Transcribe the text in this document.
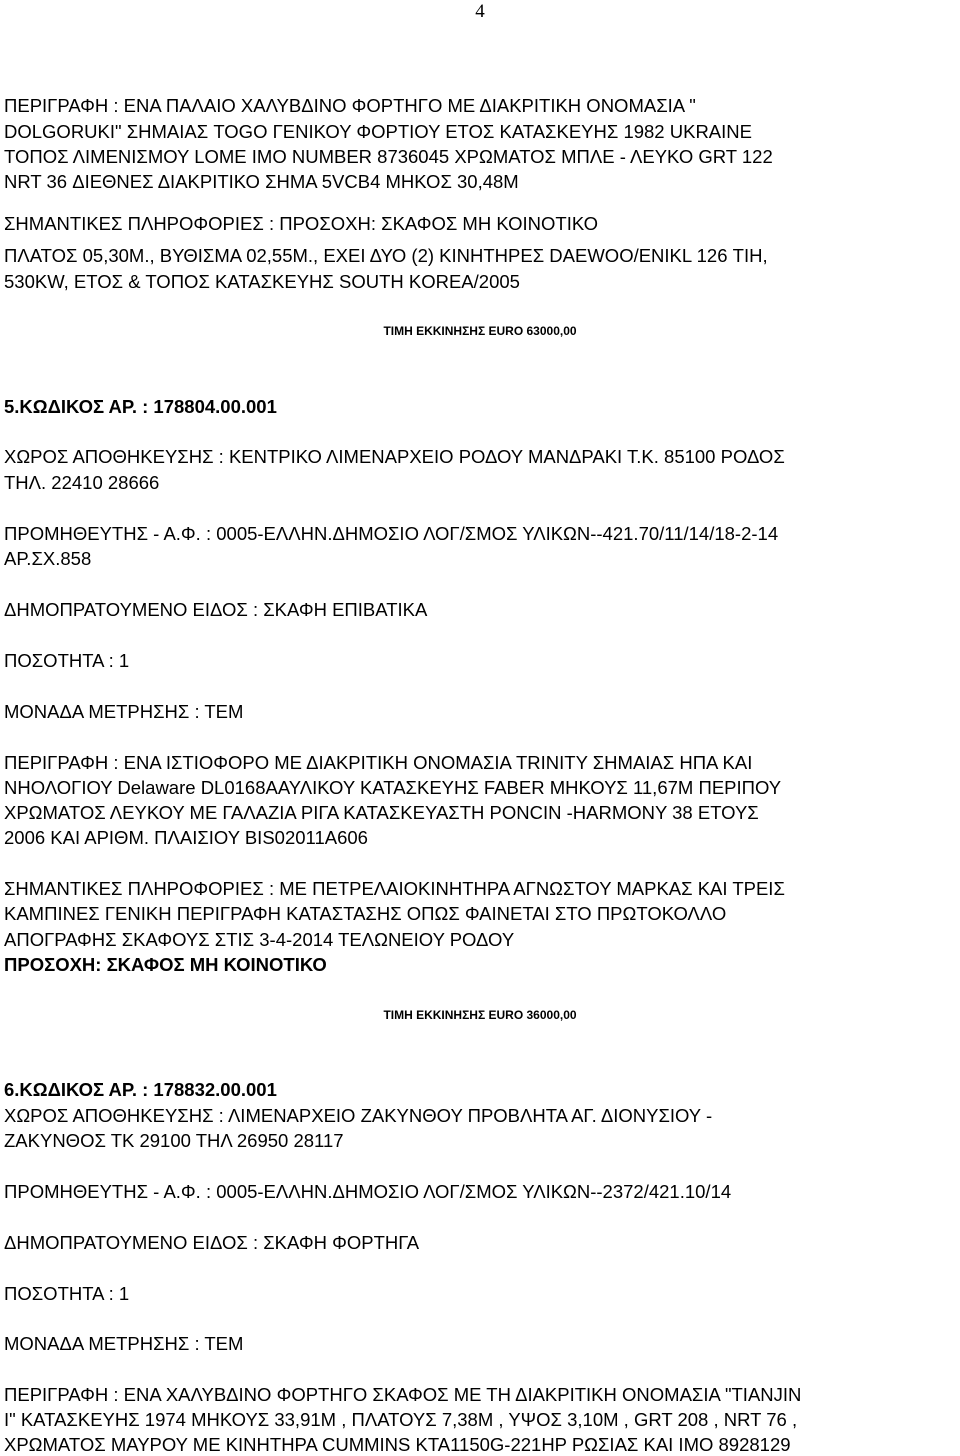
4
ΠΕΡΙΓΡΑΦΗ : ΕΝΑ ΠΑΛΑΙΟ ΧΑΛΥΒΔΙΝΟ ΦΟΡΤΗΓΟ ΜΕ ΔΙΑΚΡΙΤΙΚΗ ΟΝΟΜΑΣΙΑ "
DOLGORUKI" ΣΗΜΑΙΑΣ TOGO ΓΕΝΙΚΟΥ ΦΟΡΤΙΟΥ ΕΤΟΣ ΚΑΤΑΣΚΕΥΗΣ 1982 UKRAINE
ΤΟΠΟΣ ΛΙΜΕΝΙΣΜΟΥ LOME IMO NUMBER 8736045 ΧΡΩΜΑΤΟΣ ΜΠΛΕ - ΛΕΥΚΟ GRT 122
NRT 36 ΔΙΕΘΝΕΣ ΔΙΑΚΡΙΤΙΚΟ ΣΗΜΑ 5VCB4 ΜΗΚΟΣ 30,48Μ
ΣΗΜΑΝΤΙΚΕΣ ΠΛΗΡΟΦΟΡΙΕΣ : ΠΡΟΣΟΧΗ: ΣΚΑΦΟΣ ΜΗ ΚΟΙΝΟΤΙΚΟ
ΠΛΑΤΟΣ 05,30Μ., ΒΥΘΙΣΜΑ 02,55Μ., ΕΧΕΙ ΔΥΟ (2) ΚΙΝΗΤΗΡΕΣ DAEWOO/ENIKL 126 ΤΙΗ,
530KW, ΕΤΟΣ & ΤΟΠΟΣ ΚΑΤΑΣΚΕΥΗΣ SOUTH KOREA/2005
ΤΙΜΗ ΕΚΚΙΝΗΣΗΣ EURO 63000,00
5.ΚΩΔΙΚΟΣ ΑΡ. : 178804.00.001
ΧΩΡΟΣ ΑΠΟΘΗΚΕΥΣΗΣ : ΚΕΝΤΡΙΚΟ ΛΙΜΕΝΑΡΧΕΙΟ ΡΟΔΟΥ ΜΑΝΔΡΑΚΙ Τ.Κ. 85100 ΡΟΔΟΣ
ΤΗΛ. 22410 28666
ΠΡΟΜΗΘΕΥΤΗΣ - Α.Φ. : 0005-ΕΛΛΗΝ.ΔΗΜΟΣΙΟ ΛΟΓ/ΣΜΟΣ ΥΛΙΚΩΝ--421.70/11/14/18-2-14
ΑΡ.ΣΧ.858
ΔΗΜΟΠΡΑΤΟΥΜΕΝΟ ΕΙΔΟΣ : ΣΚΑΦΗ ΕΠΙΒΑΤΙΚΑ
ΠΟΣΟΤΗΤΑ : 1
ΜΟΝΑΔΑ ΜΕΤΡΗΣΗΣ : ΤΕΜ
ΠΕΡΙΓΡΑΦΗ : ΕΝΑ ΙΣΤΙΟΦΟΡΟ ΜΕ ΔΙΑΚΡΙΤΙΚΗ ΟΝΟΜΑΣΙΑ TRINITY ΣΗΜΑΙΑΣ ΗΠΑ ΚΑΙ
ΝΗΟΛΟΓΙΟΥ Delaware DL0168ΑΑΥΛΙΚΟΥ ΚΑΤΑΣΚΕΥΗΣ FABER ΜΗΚΟΥΣ 11,67Μ ΠΕΡΙΠΟΥ
ΧΡΩΜΑΤΟΣ ΛΕΥΚΟΥ ΜΕ ΓΑΛΑΖΙΑ ΡΙΓΑ ΚΑΤΑΣΚΕΥΑΣΤΗ PONCIN -HARMONY 38 ΕΤΟΥΣ
2006 ΚΑΙ ΑΡΙΘΜ. ΠΛΑΙΣΙΟΥ BIS02011A606
ΣΗΜΑΝΤΙΚΕΣ ΠΛΗΡΟΦΟΡΙΕΣ : ΜΕ ΠΕΤΡΕΛΑΙΟΚΙΝΗΤΗΡΑ ΑΓΝΩΣΤΟΥ ΜΑΡΚΑΣ ΚΑΙ ΤΡΕΙΣ
ΚΑΜΠΙΝΕΣ ΓΕΝΙΚΗ ΠΕΡΙΓΡΑΦΗ ΚΑΤΑΣΤΑΣΗΣ ΟΠΩΣ ΦΑΙΝΕΤΑΙ ΣΤΟ ΠΡΩΤΟΚΟΛΛΟ
ΑΠΟΓΡΑΦΗΣ ΣΚΑΦΟΥΣ ΣΤΙΣ 3-4-2014 ΤΕΛΩΝΕΙΟΥ ΡΟΔΟΥ
ΠΡΟΣΟΧΗ: ΣΚΑΦΟΣ ΜΗ ΚΟΙΝΟΤΙΚΟ
ΤΙΜΗ ΕΚΚΙΝΗΣΗΣ EURO 36000,00
6.ΚΩΔΙΚΟΣ ΑΡ. : 178832.00.001
ΧΩΡΟΣ ΑΠΟΘΗΚΕΥΣΗΣ : ΛΙΜΕΝΑΡΧΕΙΟ ΖΑΚΥΝΘΟΥ ΠΡΟΒΛΗΤΑ ΑΓ. ΔΙΟΝΥΣΙΟΥ -
ΖΑΚΥΝΘΟΣ ΤΚ 29100 ΤΗΛ 26950 28117
ΠΡΟΜΗΘΕΥΤΗΣ - Α.Φ. : 0005-ΕΛΛΗΝ.ΔΗΜΟΣΙΟ ΛΟΓ/ΣΜΟΣ ΥΛΙΚΩΝ--2372/421.10/14
ΔΗΜΟΠΡΑΤΟΥΜΕΝΟ ΕΙΔΟΣ : ΣΚΑΦΗ ΦΟΡΤΗΓΑ
ΠΟΣΟΤΗΤΑ : 1
ΜΟΝΑΔΑ ΜΕΤΡΗΣΗΣ : ΤΕΜ
ΠΕΡΙΓΡΑΦΗ : ΕΝΑ ΧΑΛΥΒΔΙΝΟ ΦΟΡΤΗΓΟ ΣΚΑΦΟΣ ΜΕ ΤΗ ΔΙΑΚΡΙΤΙΚΗ ΟΝΟΜΑΣΙΑ "ΤΙΑΝJIN
I" ΚΑΤΑΣΚΕΥΗΣ 1974 ΜΗΚΟΥΣ 33,91Μ , ΠΛΑΤΟΥΣ 7,38Μ , ΥΨΟΣ 3,10Μ , GRT 208 , NRT 76 ,
ΧΡΩΜΑΤΟΣ ΜΑΥΡΟΥ ΜΕ ΚΙΝΗΤΗΡΑ CUMMINS KTA1150G-221HP ΡΩΣΙΑΣ ΚΑΙ ΙΜΟ 8928129
